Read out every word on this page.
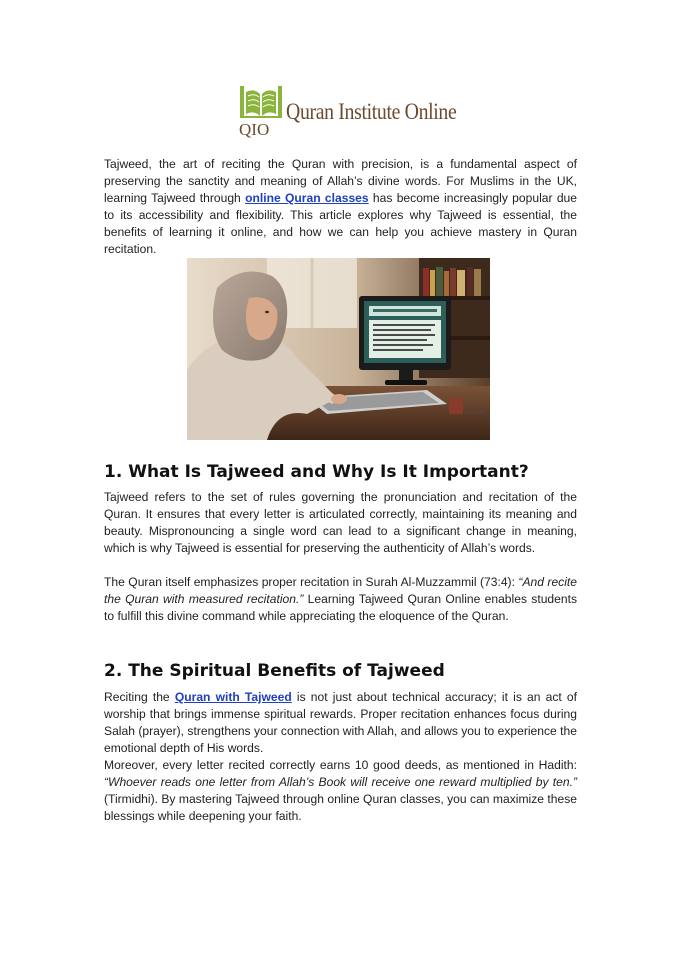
QIO
Quran Institute Online

Tajweed, the art of reciting the Quran with precision, is a fundamental aspect of preserving the sanctity and meaning of Allah’s divine words. For Muslims in the UK, learning Tajweed through online Quran classes has become increasingly popular due to its accessibility and flexibility. This article explores why Tajweed is essential, the benefits of learning it online, and how we can help you achieve mastery in Quran recitation.

1. What Is Tajweed and Why Is It Important?

Tajweed refers to the set of rules governing the pronunciation and recitation of the Quran. It ensures that every letter is articulated correctly, maintaining its meaning and beauty. Mispronouncing a single word can lead to a significant change in meaning, which is why Tajweed is essential for preserving the authenticity of Allah’s words.

The Quran itself emphasizes proper recitation in Surah Al-Muzzammil (73:4): “And recite the Quran with measured recitation.” Learning Tajweed Quran Online enables students to fulfill this divine command while appreciating the eloquence of the Quran.

2. The Spiritual Benefits of Tajweed

Reciting the Quran with Tajweed is not just about technical accuracy; it is an act of worship that brings immense spiritual rewards. Proper recitation enhances focus during Salah (prayer), strengthens your connection with Allah, and allows you to experience the emotional depth of His words.

Moreover, every letter recited correctly earns 10 good deeds, as mentioned in Hadith: “Whoever reads one letter from Allah’s Book will receive one reward multiplied by ten.” (Tirmidhi). By mastering Tajweed through online Quran classes, you can maximize these blessings while deepening your faith.
